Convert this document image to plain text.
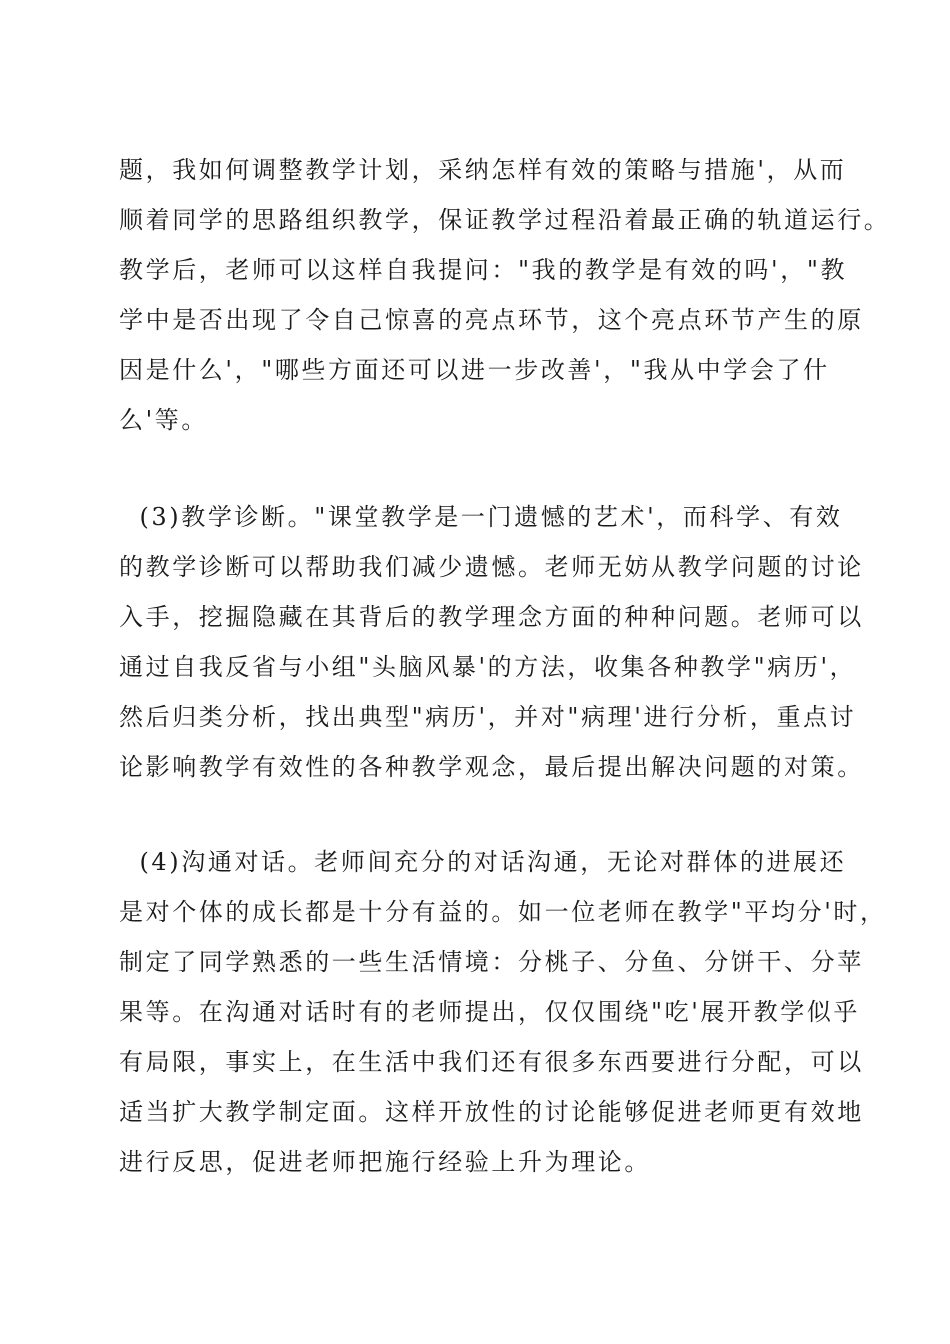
题，我如何调整教学计划，采纳怎样有效的策略与措施'，从而
顺着同学的思路组织教学，保证教学过程沿着最正确的轨道运行。
教学后，老师可以这样自我提问："我的教学是有效的吗'，"教
学中是否出现了令自己惊喜的亮点环节，这个亮点环节产生的原
因是什么'，"哪些方面还可以进一步改善'，"我从中学会了什
么'等。
(3)教学诊断。"课堂教学是一门遗憾的艺术'，而科学、有效
的教学诊断可以帮助我们减少遗憾。老师无妨从教学问题的讨论
入手，挖掘隐藏在其背后的教学理念方面的种种问题。老师可以
通过自我反省与小组"头脑风暴'的方法，收集各种教学"病历'，
然后归类分析，找出典型"病历'，并对"病理'进行分析，重点讨
论影响教学有效性的各种教学观念，最后提出解决问题的对策。
(4)沟通对话。老师间充分的对话沟通，无论对群体的进展还
是对个体的成长都是十分有益的。如一位老师在教学"平均分'时，
制定了同学熟悉的一些生活情境：分桃子、分鱼、分饼干、分苹
果等。在沟通对话时有的老师提出，仅仅围绕"吃'展开教学似乎
有局限，事实上，在生活中我们还有很多东西要进行分配，可以
适当扩大教学制定面。这样开放性的讨论能够促进老师更有效地
进行反思，促进老师把施行经验上升为理论。
